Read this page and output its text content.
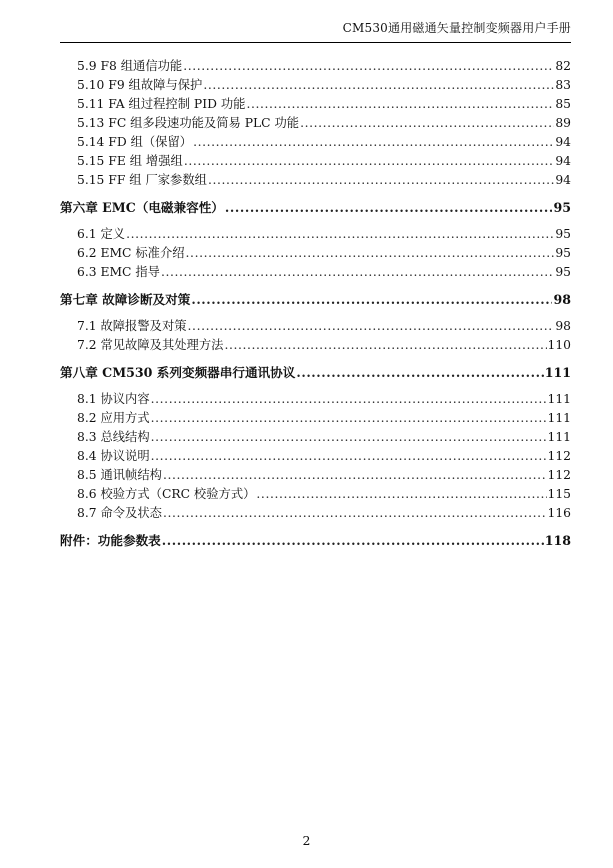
CM530通用磁通矢量控制变频器用户手册
5.9 F8 组通信功能 .....	82
5.10 F9 组故障与保护 .....	83
5.11 FA 组过程控制 PID 功能 .....	85
5.13 FC 组多段速功能及简易 PLC 功能 .....	89
5.14 FD 组（保留） .....	94
5.15 FE 组 增强组 .....	94
5.15 FF 组 厂家参数组 .....	94
第六章 EMC（电磁兼容性） .....	95
6.1 定义 .....	95
6.2 EMC 标准介绍 .....	95
6.3 EMC 指导 .....	95
第七章 故障诊断及对策 .....	98
7.1 故障报警及对策 .....	98
7.2 常见故障及其处理方法 .....	110
第八章 CM530 系列变频器串行通讯协议 .....	111
8.1 协议内容 .....	111
8.2 应用方式 .....	111
8.3 总线结构 .....	111
8.4 协议说明 .....	112
8.5 通讯帧结构 .....	112
8.6 校验方式（CRC 校验方式） .....	115
8.7 命令及状态 .....	116
附件：功能参数表 .....	118
2
